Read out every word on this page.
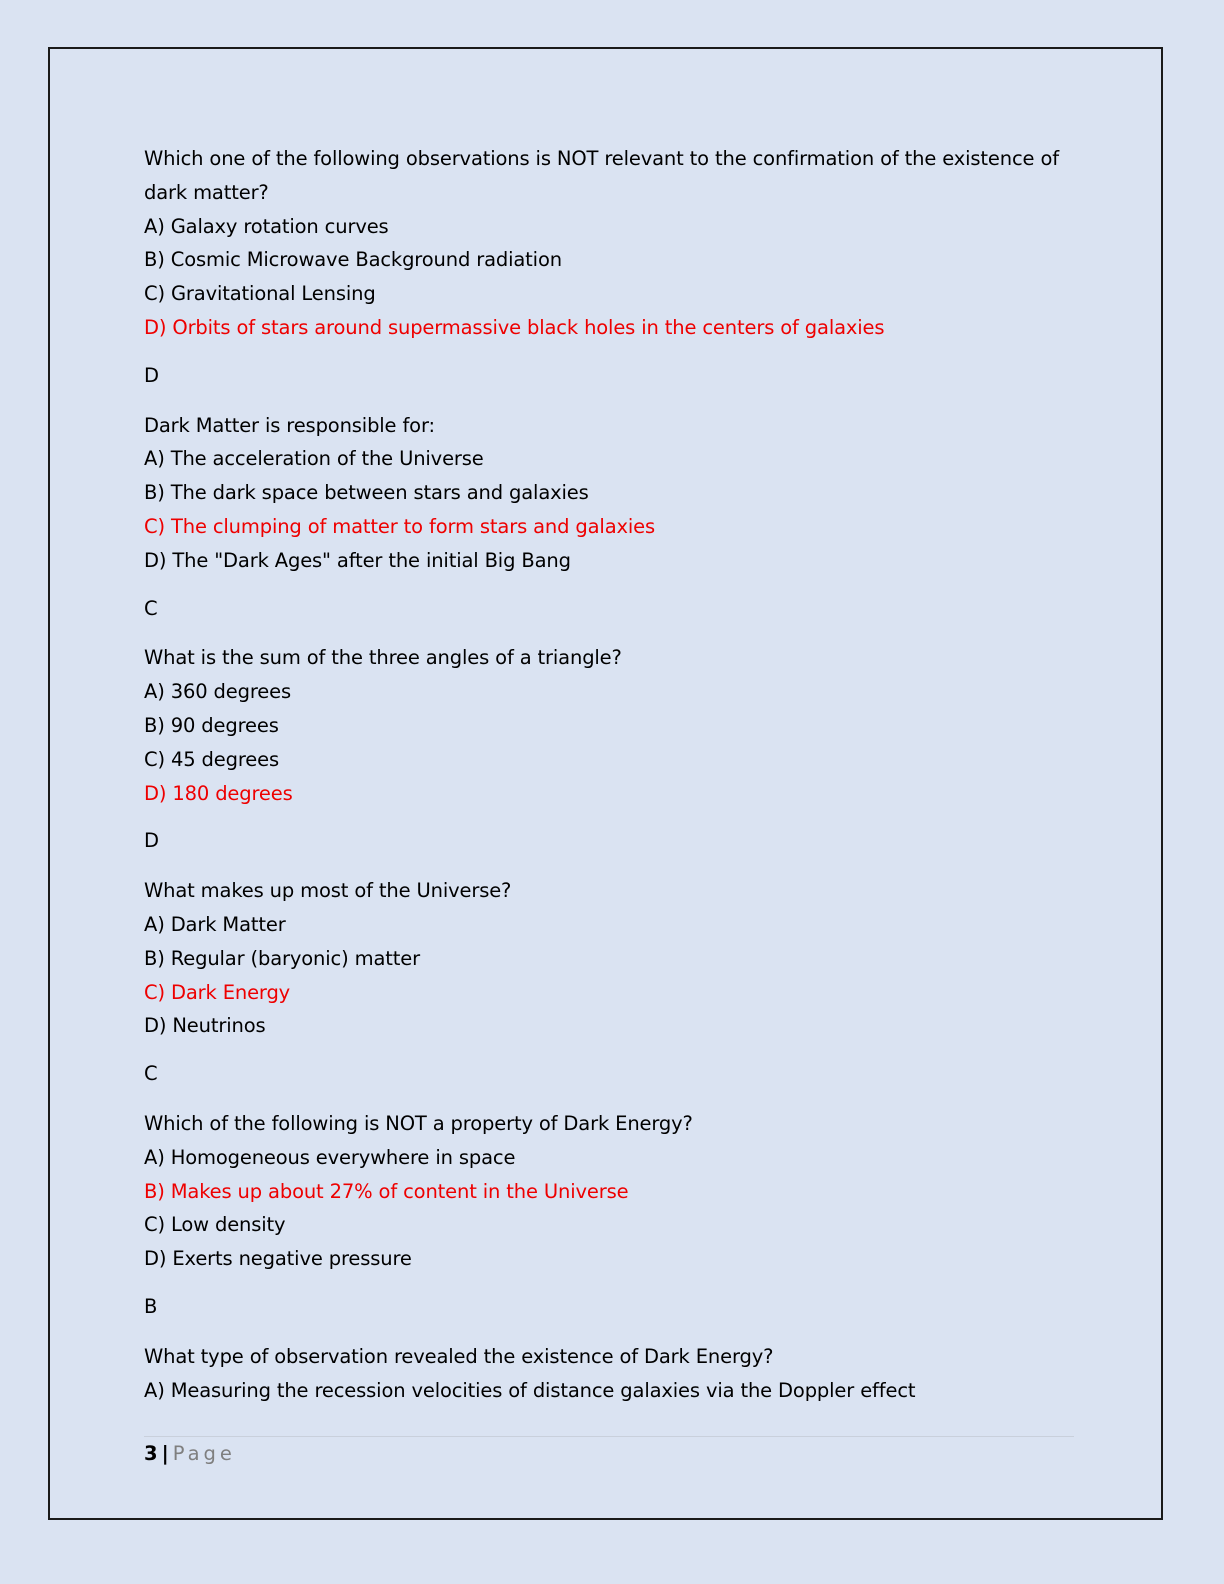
Which one of the following observations is NOT relevant to the confirmation of the existence of dark matter?

A) Galaxy rotation curves

B) Cosmic Microwave Background radiation

C) Gravitational Lensing

D) Orbits of stars around supermassive black holes in the centers of galaxies

D

Dark Matter is responsible for:

A) The acceleration of the Universe

B) The dark space between stars and galaxies

C) The clumping of matter to form stars and galaxies

D) The "Dark Ages" after the initial Big Bang

C

What is the sum of the three angles of a triangle?

A) 360 degrees

B) 90 degrees

C) 45 degrees

D) 180 degrees

D

What makes up most of the Universe?

A) Dark Matter

B) Regular (baryonic) matter

C) Dark Energy

D) Neutrinos

C

Which of the following is NOT a property of Dark Energy?

A) Homogeneous everywhere in space

B) Makes up about 27% of content in the Universe

C) Low density

D) Exerts negative pressure

B

What type of observation revealed the existence of Dark Energy?

A) Measuring the recession velocities of distance galaxies via the Doppler effect

3 | Page
